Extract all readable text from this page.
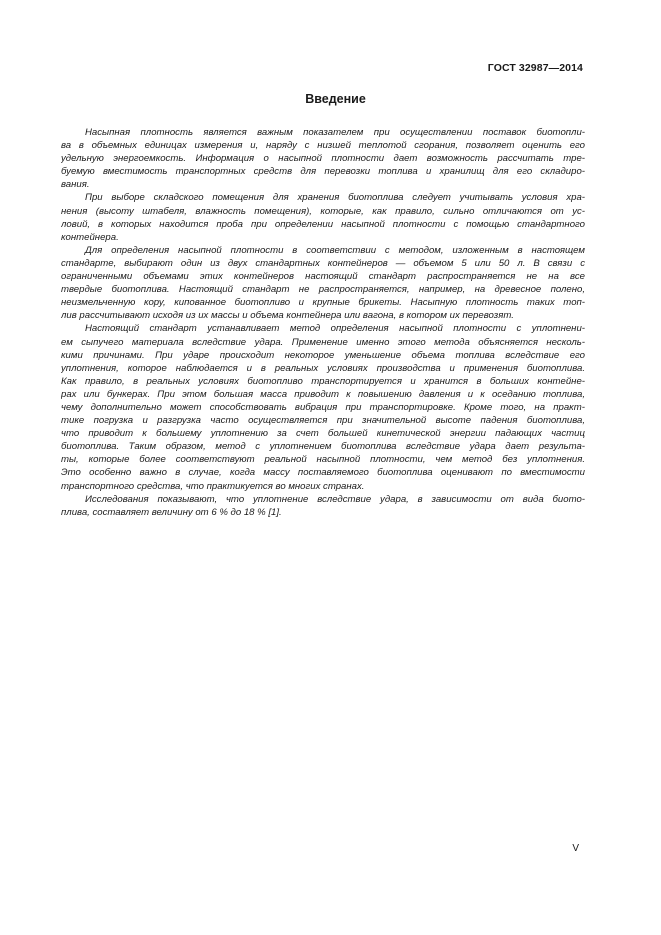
ГОСТ 32987—2014
Введение
Насыпная плотность является важным показателем при осуществлении поставок биотопли-
ва в объемных единицах измерения и, наряду с низшей теплотой сгорания, позволяет оценить его
удельную энергоемкость. Информация о насыпной плотности дает возможность рассчитать тре-
буемую вместимость транспортных средств для перевозки топлива и хранилищ для его складиро-
вания.
При выборе складского помещения для хранения биотоплива следует учитывать условия хра-
нения (высоту штабеля, влажность помещения), которые, как правило, сильно отличаются от ус-
ловий, в которых находится проба при определении насыпной плотности с помощью стандартного
контейнера.
Для определения насыпной плотности в соответствии с методом, изложенным в настоящем
стандарте, выбирают один из двух стандартных контейнеров — объемом 5 или 50 л. В связи с
ограниченными объемами этих контейнеров настоящий стандарт распространяется не на все
твердые биотоплива. Настоящий стандарт не распространяется, например, на древесное полено,
неизмельченную кору, кипованное биотопливо и крупные брикеты. Насыпную плотность таких топ-
лив рассчитывают исходя из их массы и объема контейнера или вагона, в котором их перевозят.
Настоящий стандарт устанавливает метод определения насыпной плотности с уплотнени-
ем сыпучего материала вследствие удара. Применение именно этого метода объясняется несколь-
кими причинами. При ударе происходит некоторое уменьшение объема топлива вследствие его
уплотнения, которое наблюдается и в реальных условиях производства и применения биотоплива.
Как правило, в реальных условиях биотопливо транспортируется и хранится в больших контейне-
рах или бункерах. При этом большая масса приводит к повышению давления и к оседанию топлива,
чему дополнительно может способствовать вибрация при транспортировке. Кроме того, на практ-
тике погрузка и разгрузка часто осуществляется при значительной высоте падения биотоплива,
что приводит к большему уплотнению за счет большей кинетической энергии падающих частиц
биотоплива. Таким образом, метод с уплотнением биотоплива вследствие удара дает результа-
ты, которые более соответствуют реальной насыпной плотности, чем метод без уплотнения.
Это особенно важно в случае, когда массу поставляемого биотоплива оценивают по вместимости
транспортного средства, что практикуется во многих странах.
Исследования показывают, что уплотнение вследствие удара, в зависимости от вида биото-
плива, составляет величину от 6 % до 18 % [1].
V
